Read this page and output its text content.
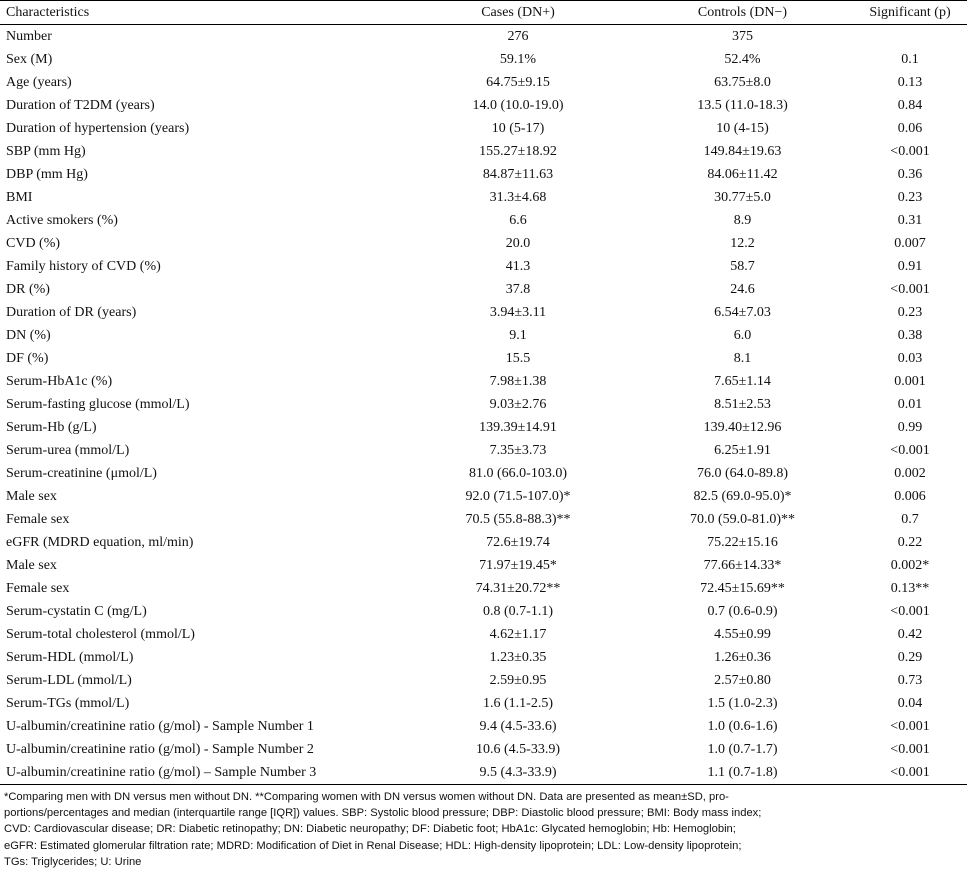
Characteristics	Cases (DN+)	Controls (DN−)	Significant (p)
Number	276	375	
Sex (M)	59.1%	52.4%	0.1
Age (years)	64.75±9.15	63.75±8.0	0.13
Duration of T2DM (years)	14.0 (10.0-19.0)	13.5 (11.0-18.3)	0.84
Duration of hypertension (years)	10 (5-17)	10 (4-15)	0.06
SBP (mm Hg)	155.27±18.92	149.84±19.63	<0.001
DBP (mm Hg)	84.87±11.63	84.06±11.42	0.36
BMI	31.3±4.68	30.77±5.0	0.23
Active smokers (%)	6.6	8.9	0.31
CVD (%)	20.0	12.2	0.007
Family history of CVD (%)	41.3	58.7	0.91
DR (%)	37.8	24.6	<0.001
Duration of DR (years)	3.94±3.11	6.54±7.03	0.23
DN (%)	9.1	6.0	0.38
DF (%)	15.5	8.1	0.03
Serum-HbA1c (%)	7.98±1.38	7.65±1.14	0.001
Serum-fasting glucose (mmol/L)	9.03±2.76	8.51±2.53	0.01
Serum-Hb (g/L)	139.39±14.91	139.40±12.96	0.99
Serum-urea (mmol/L)	7.35±3.73	6.25±1.91	<0.001
Serum-creatinine (μmol/L)	81.0 (66.0-103.0)	76.0 (64.0-89.8)	0.002
Male sex	92.0 (71.5-107.0)*	82.5 (69.0-95.0)*	0.006
Female sex	70.5 (55.8-88.3)**	70.0 (59.0-81.0)**	0.7
eGFR (MDRD equation, ml/min)	72.6±19.74	75.22±15.16	0.22
Male sex	71.97±19.45*	77.66±14.33*	0.002*
Female sex	74.31±20.72**	72.45±15.69**	0.13**
Serum-cystatin C (mg/L)	0.8 (0.7-1.1)	0.7 (0.6-0.9)	<0.001
Serum-total cholesterol (mmol/L)	4.62±1.17	4.55±0.99	0.42
Serum-HDL (mmol/L)	1.23±0.35	1.26±0.36	0.29
Serum-LDL (mmol/L)	2.59±0.95	2.57±0.80	0.73
Serum-TGs (mmol/L)	1.6 (1.1-2.5)	1.5 (1.0-2.3)	0.04
U-albumin/creatinine ratio (g/mol) - Sample Number 1	9.4 (4.5-33.6)	1.0 (0.6-1.6)	<0.001
U-albumin/creatinine ratio (g/mol) - Sample Number 2	10.6 (4.5-33.9)	1.0 (0.7-1.7)	<0.001
U-albumin/creatinine ratio (g/mol) – Sample Number 3	9.5 (4.3-33.9)	1.1 (0.7-1.8)	<0.001
*Comparing men with DN versus men without DN. **Comparing women with DN versus women without DN. Data are presented as mean±SD, pro-
portions/percentages and median (interquartile range [IQR]) values. SBP: Systolic blood pressure; DBP: Diastolic blood pressure; BMI: Body mass index;
CVD: Cardiovascular disease; DR: Diabetic retinopathy; DN: Diabetic neuropathy; DF: Diabetic foot; HbA1c: Glycated hemoglobin; Hb: Hemoglobin;
eGFR: Estimated glomerular filtration rate; MDRD: Modification of Diet in Renal Disease; HDL: High-density lipoprotein; LDL: Low-density lipoprotein;
TGs: Triglycerides; U: Urine
